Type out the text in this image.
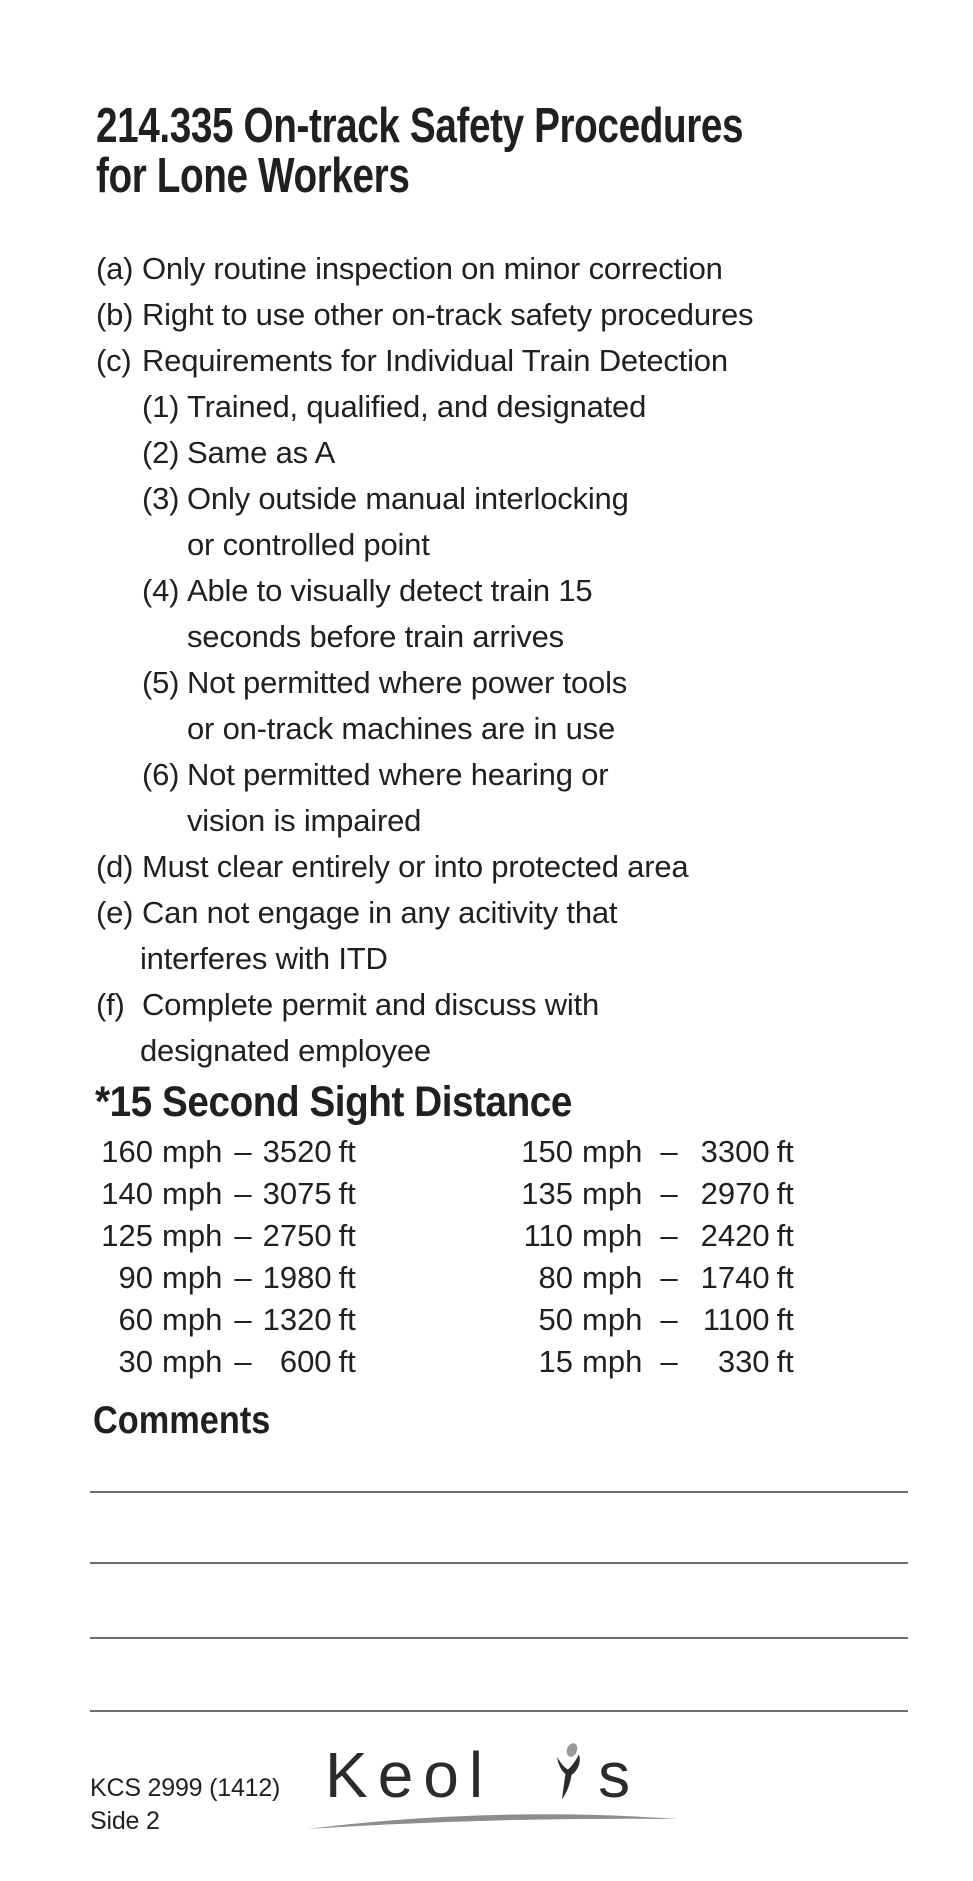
214.335 On-track Safety Procedures
for Lone Workers
(a) Only routine inspection on minor correction
(b) Right to use other on-track safety procedures
(c) Requirements for Individual Train Detection
(1) Trained, qualified, and designated
(2) Same as A
(3) Only outside manual interlocking
or controlled point
(4) Able to visually detect train 15
seconds before train arrives
(5) Not permitted where power tools
or on-track machines are in use
(6) Not permitted where hearing or
vision is impaired
(d) Must clear entirely or into protected area
(e) Can not engage in any acitivity that
interferes with ITD
(f) Complete permit and discuss with
designated employee
*15 Second Sight Distance
160 mph – 3520 ft
140 mph – 3075 ft
125 mph – 2750 ft
90 mph – 1980 ft
60 mph – 1320 ft
30 mph – 600 ft
150 mph – 3300 ft
135 mph – 2970 ft
110 mph – 2420 ft
80 mph – 1740 ft
50 mph – 1100 ft
15 mph – 330 ft
Comments
KCS 2999 (1412)
Side 2
Keol s
